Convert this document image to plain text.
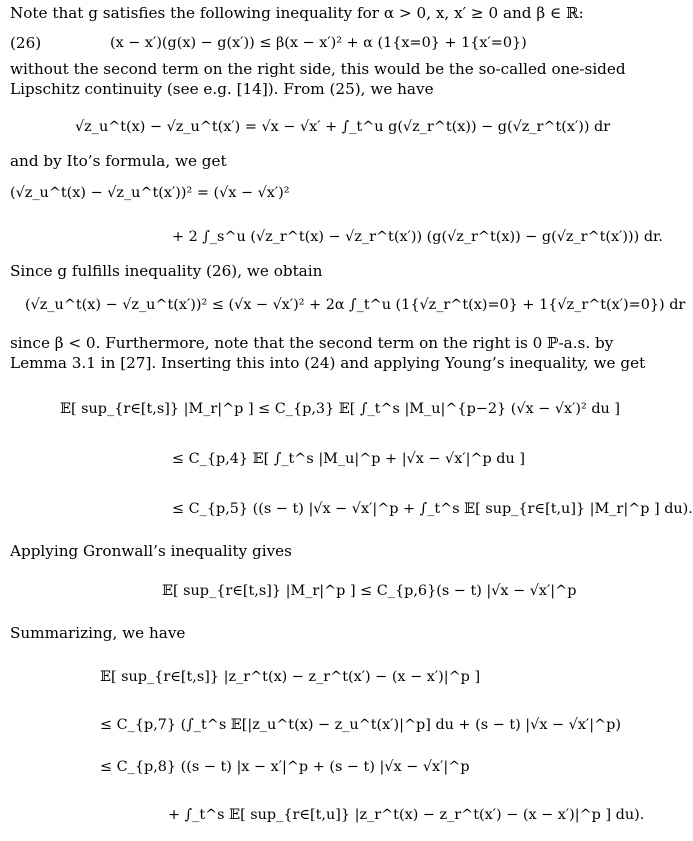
Note that g satisfies the following inequality for α > 0, x, x′ ≥ 0 and β ∈ ℝ:
(26)	(x − x′)(g(x) − g(x′)) ≤ β(x − x′)² + α (1{x=0} + 1{x′=0})
without the second term on the right side, this would be the so-called one-sided
Lipschitz continuity (see e.g. [14]). From (25), we have
√z_u^t(x) − √z_u^t(x′) = √x − √x′ + ∫_t^u g(√z_r^t(x)) − g(√z_r^t(x′)) dr
and by Ito’s formula, we get
(√z_u^t(x) − √z_u^t(x′))² = (√x − √x′)²
+ 2 ∫_s^u (√z_r^t(x) − √z_r^t(x′)) (g(√z_r^t(x)) − g(√z_r^t(x′))) dr.
Since g fulfills inequality (26), we obtain
(√z_u^t(x) − √z_u^t(x′))² ≤ (√x − √x′)² + 2α ∫_t^u (1{√z_r^t(x)=0} + 1{√z_r^t(x′)=0}) dr
since β < 0. Furthermore, note that the second term on the right is 0 ℙ-a.s. by
Lemma 3.1 in [27]. Inserting this into (24) and applying Young’s inequality, we get
𝔼[ sup_{r∈[t,s]} |M_r|^p ] ≤ C_{p,3} 𝔼[ ∫_t^s |M_u|^{p−2} (√x − √x′)² du ]
≤ C_{p,4} 𝔼[ ∫_t^s |M_u|^p + |√x − √x′|^p du ]
≤ C_{p,5} ((s − t) |√x − √x′|^p + ∫_t^s 𝔼[ sup_{r∈[t,u]} |M_r|^p ] du).
Applying Gronwall’s inequality gives
𝔼[ sup_{r∈[t,s]} |M_r|^p ] ≤ C_{p,6}(s − t) |√x − √x′|^p
Summarizing, we have
𝔼[ sup_{r∈[t,s]} |z_r^t(x) − z_r^t(x′) − (x − x′)|^p ]
≤ C_{p,7} (∫_t^s 𝔼[|z_u^t(x) − z_u^t(x′)|^p] du + (s − t) |√x − √x′|^p)
≤ C_{p,8} ((s − t) |x − x′|^p + (s − t) |√x − √x′|^p
+ ∫_t^s 𝔼[ sup_{r∈[t,u]} |z_r^t(x) − z_r^t(x′) − (x − x′)|^p ] du).
